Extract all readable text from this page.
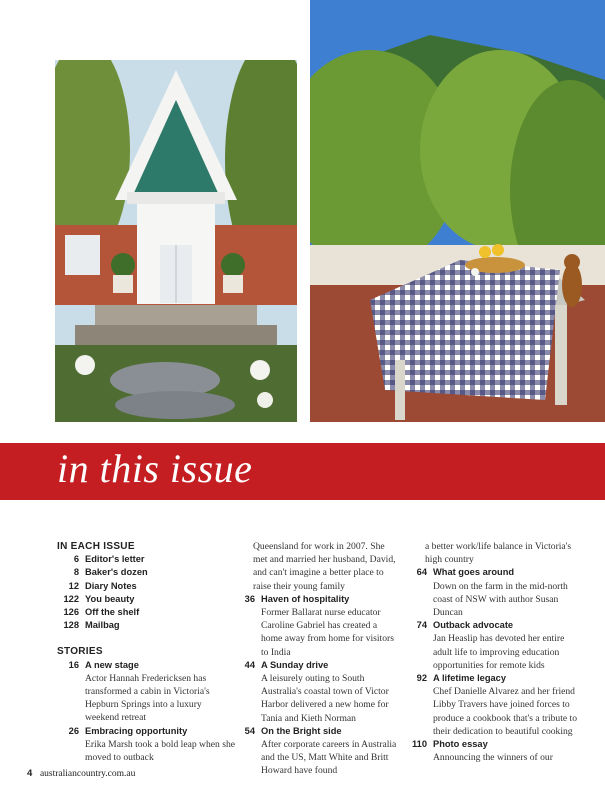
in this issue
IN EACH ISSUE
6 Editor's letter
8 Baker's dozen
12 Diary Notes
122 You beauty
126 Off the shelf
128 Mailbag
STORIES
16 A new stage
Actor Hannah Fredericksen has transformed a cabin in Victoria's Hepburn Springs into a luxury weekend retreat
26 Embracing opportunity
Erika Marsh took a bold leap when she moved to outback
Queensland for work in 2007. She met and married her husband, David, and can't imagine a better place to raise their young family
36 Haven of hospitality
Former Ballarat nurse educator Caroline Gabriel has created a home away from home for visitors to India
44 A Sunday drive
A leisurely outing to South Australia's coastal town of Victor Harbor delivered a new home for Tania and Kieth Norman
54 On the Bright side
After corporate careers in Australia and the US, Matt White and Britt Howard have found
a better work/life balance in Victoria's high country
64 What goes around
Down on the farm in the mid-north coast of NSW with author Susan Duncan
74 Outback advocate
Jan Heaslip has devoted her entire adult life to improving education opportunities for remote kids
92 A lifetime legacy
Chef Danielle Alvarez and her friend Libby Travers have joined forces to produce a cookbook that's a tribute to their dedication to beautiful cooking
110 Photo essay
Announcing the winners of our
4 australiancountry.com.au
